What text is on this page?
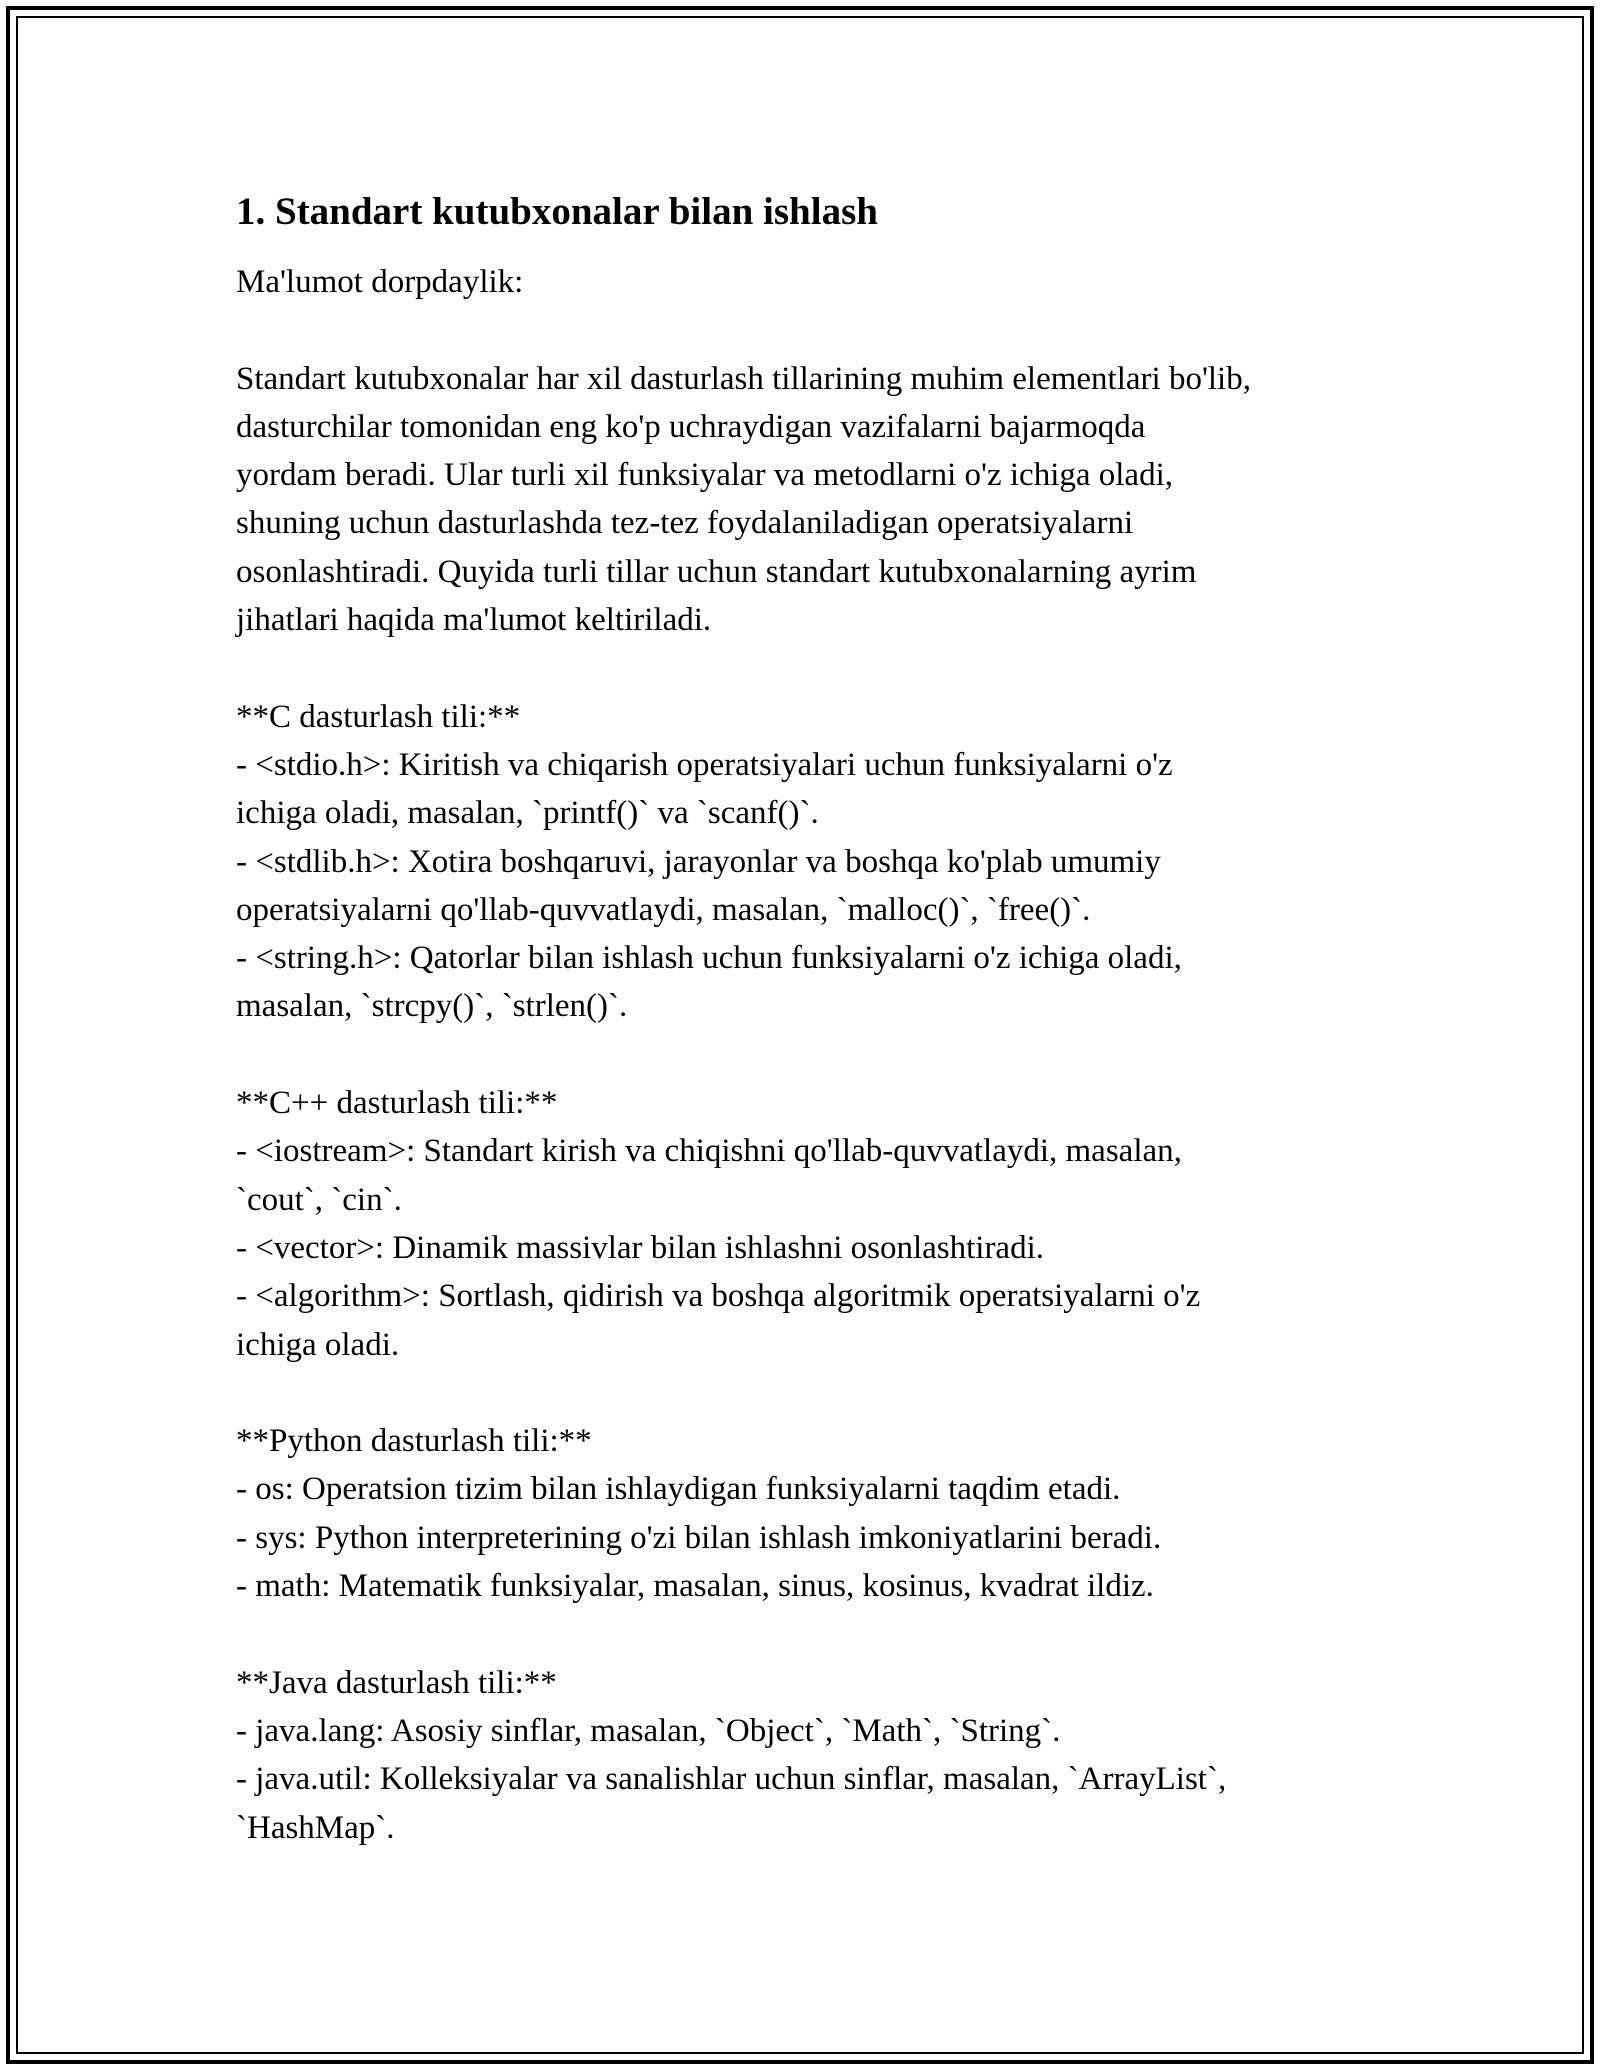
1. Standart kutubxonalar bilan ishlash

Ma'lumot dorpdaylik:

Standart kutubxonalar har xil dasturlash tillarining muhim elementlari bo'lib,

dasturchilar tomonidan eng ko'p uchraydigan vazifalarni bajarmoqda

yordam beradi. Ular turli xil funksiyalar va metodlarni o'z ichiga oladi,

shuning uchun dasturlashda tez-tez foydalaniladigan operatsiyalarni

osonlashtiradi. Quyida turli tillar uchun standart kutubxonalarning ayrim

jihatlari haqida ma'lumot keltiriladi.

**C dasturlash tili:**

- <stdio.h>: Kiritish va chiqarish operatsiyalari uchun funksiyalarni o'z

ichiga oladi, masalan, `printf()` va `scanf()`.

- <stdlib.h>: Xotira boshqaruvi, jarayonlar va boshqa ko'plab umumiy

operatsiyalarni qo'llab-quvvatlaydi, masalan, `malloc()`, `free()`.

- <string.h>: Qatorlar bilan ishlash uchun funksiyalarni o'z ichiga oladi,

masalan, `strcpy()`, `strlen()`.

**C++ dasturlash tili:**

- <iostream>: Standart kirish va chiqishni qo'llab-quvvatlaydi, masalan,

`cout`, `cin`.

- <vector>: Dinamik massivlar bilan ishlashni osonlashtiradi.

- <algorithm>: Sortlash, qidirish va boshqa algoritmik operatsiyalarni o'z

ichiga oladi.

**Python dasturlash tili:**

- os: Operatsion tizim bilan ishlaydigan funksiyalarni taqdim etadi.

- sys: Python interpreterining o'zi bilan ishlash imkoniyatlarini beradi.

- math: Matematik funksiyalar, masalan, sinus, kosinus, kvadrat ildiz.

**Java dasturlash tili:**

- java.lang: Asosiy sinflar, masalan, `Object`, `Math`, `String`.

- java.util: Kolleksiyalar va sanalishlar uchun sinflar, masalan, `ArrayList`,

`HashMap`.
